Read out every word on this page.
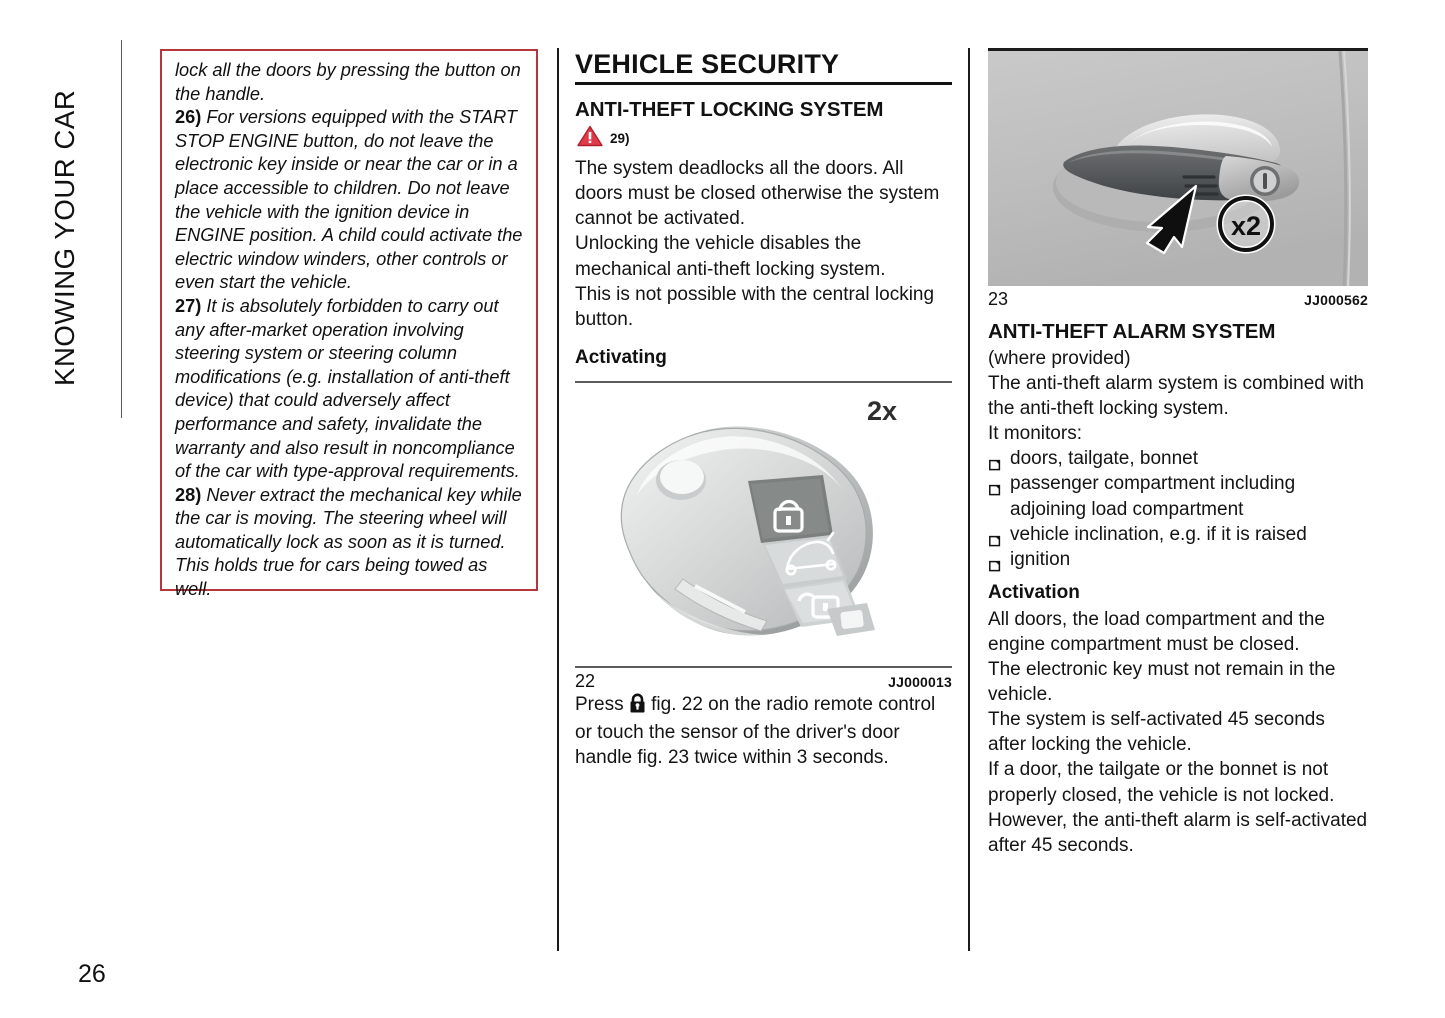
KNOWING YOUR CAR

lock all the doors by pressing the button on the handle.

26) For versions equipped with the START STOP ENGINE button, do not leave the electronic key inside or near the car or in a place accessible to children. Do not leave the vehicle with the ignition device in ENGINE position. A child could activate the electric window winders, other controls or even start the vehicle.

27) It is absolutely forbidden to carry out any after-market operation involving steering system or steering column modifications (e.g. installation of anti-theft device) that could adversely affect performance and safety, invalidate the warranty and also result in noncompliance of the car with type-approval requirements.

28) Never extract the mechanical key while the car is moving. The steering wheel will automatically lock as soon as it is turned. This holds true for cars being towed as well.

VEHICLE SECURITY
ANTI-THEFT LOCKING SYSTEM
29)

The system deadlocks all the doors. All doors must be closed otherwise the system cannot be activated.

Unlocking the vehicle disables the mechanical anti-theft locking system.

This is not possible with the central locking button.

Activating
2x
22	JJ000013

Press  fig. 22 on the radio remote control or touch the sensor of the driver's door handle fig. 23 twice within 3 seconds.

x2
23	JJ000562
ANTI-THEFT ALARM SYSTEM

(where provided)

The anti-theft alarm system is combined with the anti-theft locking system.

It monitors:

doors, tailgate, bonnet
passenger compartment including adjoining load compartment
vehicle inclination, e.g. if it is raised
ignition
Activation

All doors, the load compartment and the engine compartment must be closed.

The electronic key must not remain in the vehicle.

The system is self-activated 45 seconds after locking the vehicle.

If a door, the tailgate or the bonnet is not properly closed, the vehicle is not locked. However, the anti-theft alarm is self-activated after 45 seconds.

26
